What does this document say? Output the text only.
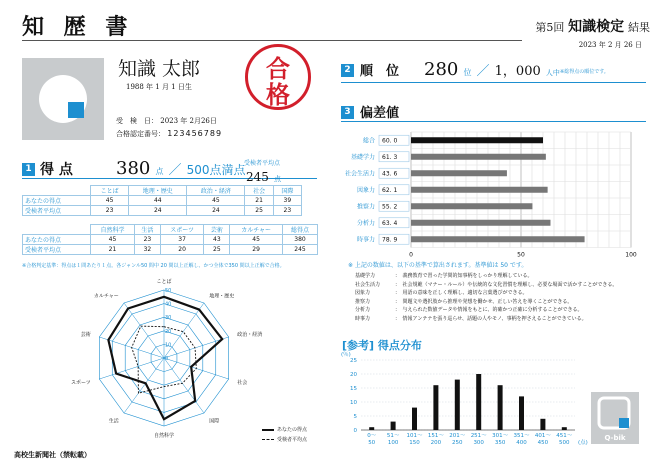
知 歴 書	第5回 知識検定 結果
2023 年 2 月 26 日
知識 太郎
1988 年 1 月 1 日生
受　検　日： 2023 年 2月26日
合格認定番号： 123456789
合
格
1 得 点 380 点 ／ 500点満点
受検者平均点
245 点
	ことば	地理・歴史	政治・経済	社会	国際
あなたの得点	45	44	45	21	39
受検者平均点	23	24	24	25	23
	自然科学	生活	スポーツ	芸術	カルチャー	総得点
あなたの得点	45	23	37	43	45	380
受検者平均点	21	32	20	25	29	245
※合格判定基準：得点は１問あたり１点。各ジャンル50 問中 20 問以上正解し、かつ全体で350 問以上正解で合格。
0
10
20
30
40
50
ことば
地理・歴史
政治・経済
社会
国際
自然科学
生活
スポーツ
芸術
カルチャー
あなたの得点
受検者平均点
高校生新聞社（禁転載）
2 順　位 280 位 ／ 1，000 人中 ※総得点の順位です。
3 偏差値
総合 60. 0
基礎学力 61. 3
社会生活力 43. 6
図象力 62. 1
推察力 55. 2
分析力 63. 4
時事力 78. 9
0	50	100
※ 上記の数値は、以下の基準で算出されます。基準値は 50 です。
基礎学力	：　義務教育で習った学問的知事柄をしっかり理解している。
社会生活力	：　社会規範（マナー・ルール）や伝統的な文化習慣を理解し、必要な場面で活かすことができる。
図象力	：　用語の意味を正しく理解し、適切な言葉選びができる。
推察力	：　問題文や選択肢から推理や発想を働かせ、正しい答えを導くことができる。
分析力	：　与えられた数値データや情報をもとに、的確かつ正確に分析することができる。
時事力	：　情報アンテナを張り巡らせ、話題の人やモノ、事柄を押さえることができている。
[参考] 得点分布
0
5
10
15
20
25
(％)
0～
50
51～
100
101～
150
151～
200
201～
250
251～
300
301～
350
351～
400
401～
450
451～
500 (点)
Q-bik
